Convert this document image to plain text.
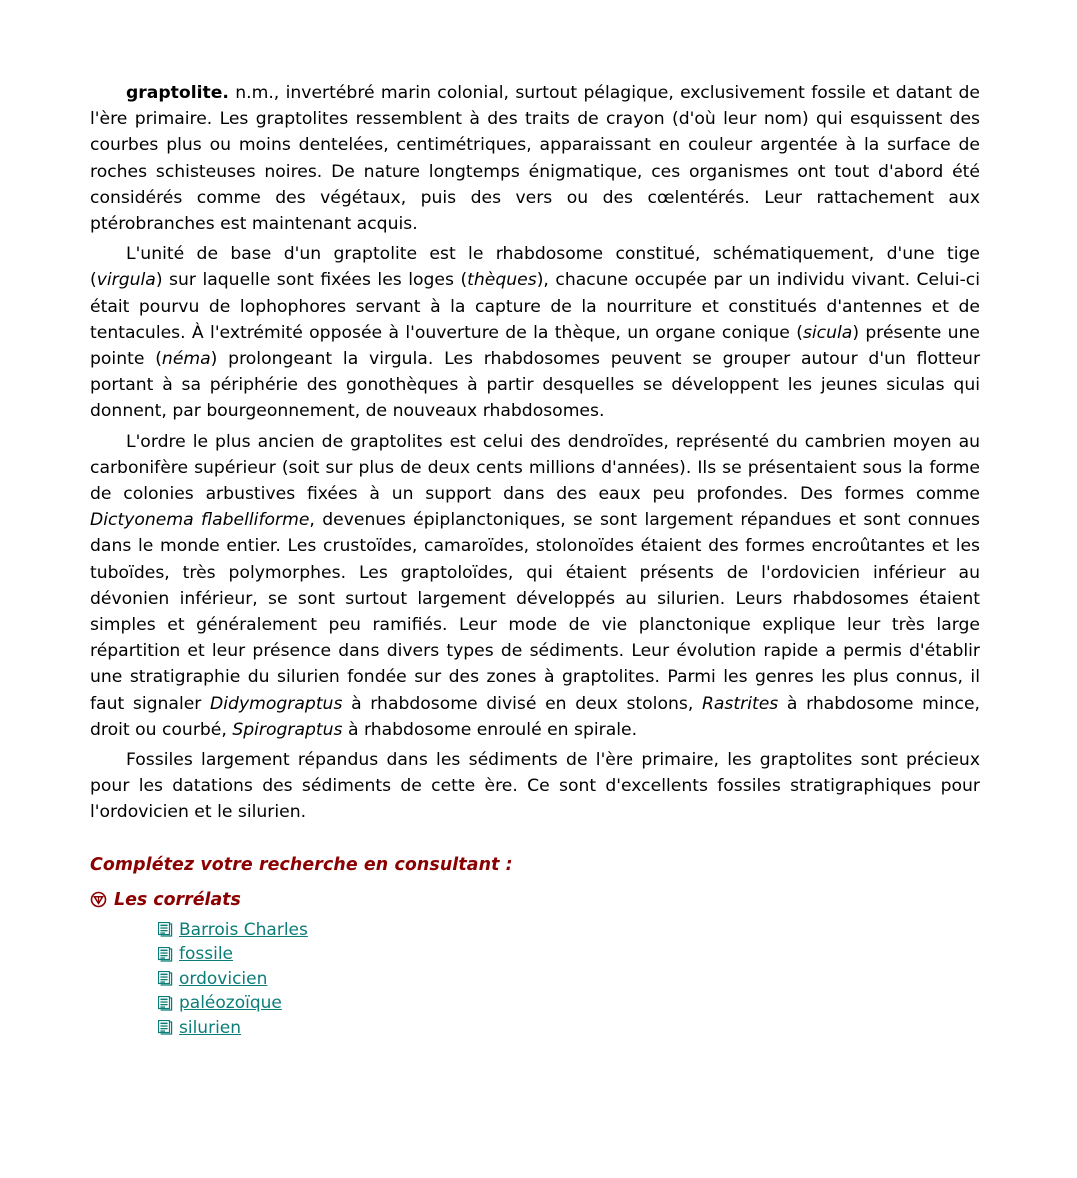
graptolite. n.m., invertébré marin colonial, surtout pélagique, exclusivement fossile et datant de l'ère primaire. Les graptolites ressemblent à des traits de crayon (d'où leur nom) qui esquissent des courbes plus ou moins dentelées, centimétriques, apparaissant en couleur argentée à la surface de roches schisteuses noires. De nature longtemps énigmatique, ces organismes ont tout d'abord été considérés comme des végétaux, puis des vers ou des cœlentérés. Leur rattachement aux ptérobranches est maintenant acquis.

L'unité de base d'un graptolite est le rhabdosome constitué, schématiquement, d'une tige (virgula) sur laquelle sont fixées les loges (thèques), chacune occupée par un individu vivant. Celui-ci était pourvu de lophophores servant à la capture de la nourriture et constitués d'antennes et de tentacules. À l'extrémité opposée à l'ouverture de la thèque, un organe conique (sicula) présente une pointe (néma) prolongeant la virgula. Les rhabdosomes peuvent se grouper autour d'un flotteur portant à sa périphérie des gonothèques à partir desquelles se développent les jeunes siculas qui donnent, par bourgeonnement, de nouveaux rhabdosomes.

L'ordre le plus ancien de graptolites est celui des dendroïdes, représenté du cambrien moyen au carbonifère supérieur (soit sur plus de deux cents millions d'années). Ils se présentaient sous la forme de colonies arbustives fixées à un support dans des eaux peu profondes. Des formes comme Dictyonema flabelliforme, devenues épiplanctoniques, se sont largement répandues et sont connues dans le monde entier. Les crustoïdes, camaroïdes, stolonoïdes étaient des formes encroûtantes et les tuboïdes, très polymorphes. Les graptoloïdes, qui étaient présents de l'ordovicien inférieur au dévonien inférieur, se sont surtout largement développés au silurien. Leurs rhabdosomes étaient simples et généralement peu ramifiés. Leur mode de vie planctonique explique leur très large répartition et leur présence dans divers types de sédiments. Leur évolution rapide a permis d'établir une stratigraphie du silurien fondée sur des zones à graptolites. Parmi les genres les plus connus, il faut signaler Didymograptus à rhabdosome divisé en deux stolons, Rastrites à rhabdosome mince, droit ou courbé, Spirograptus à rhabdosome enroulé en spirale.

Fossiles largement répandus dans les sédiments de l'ère primaire, les graptolites sont précieux pour les datations des sédiments de cette ère. Ce sont d'excellents fossiles stratigraphiques pour l'ordovicien et le silurien.

Complétez votre recherche en consultant :
Les corrélats
Barrois Charles
fossile
ordovicien
paléozoïque
silurien
